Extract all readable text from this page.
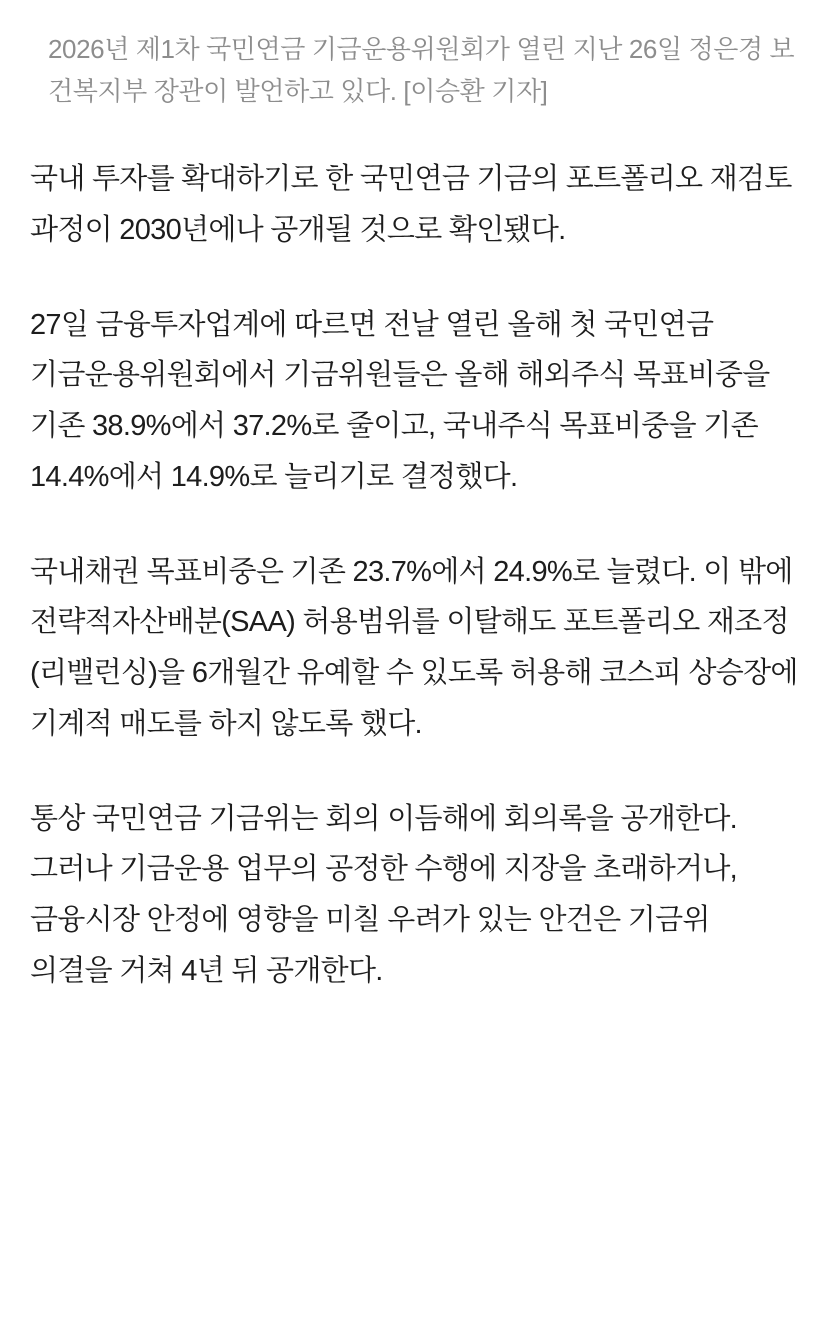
2026년 제1차 국민연금 기금운용위원회가 열린 지난 26일 정은경 보건복지부 장관이 발언하고 있다. [이승환 기자]

국내 투자를 확대하기로 한 국민연금 기금의 포트폴리오 재검토 과정이 2030년에나 공개될 것으로 확인됐다.

27일 금융투자업계에 따르면 전날 열린 올해 첫 국민연금 기금운용위원회에서 기금위원들은 올해 해외주식 목표비중을 기존 38.9%에서 37.2%로 줄이고, 국내주식 목표비중을 기존 14.4%에서 14.9%로 늘리기로 결정했다.

국내채권 목표비중은 기존 23.7%에서 24.9%로 늘렸다. 이 밖에 전략적자산배분(SAA) 허용범위를 이탈해도 포트폴리오 재조정(리밸런싱)을 6개월간 유예할 수 있도록 허용해 코스피 상승장에 기계적 매도를 하지 않도록 했다.

통상 국민연금 기금위는 회의 이듬해에 회의록을 공개한다. 그러나 기금운용 업무의 공정한 수행에 지장을 초래하거나, 금융시장 안정에 영향을 미칠 우려가 있는 안건은 기금위 의결을 거쳐 4년 뒤 공개한다.
